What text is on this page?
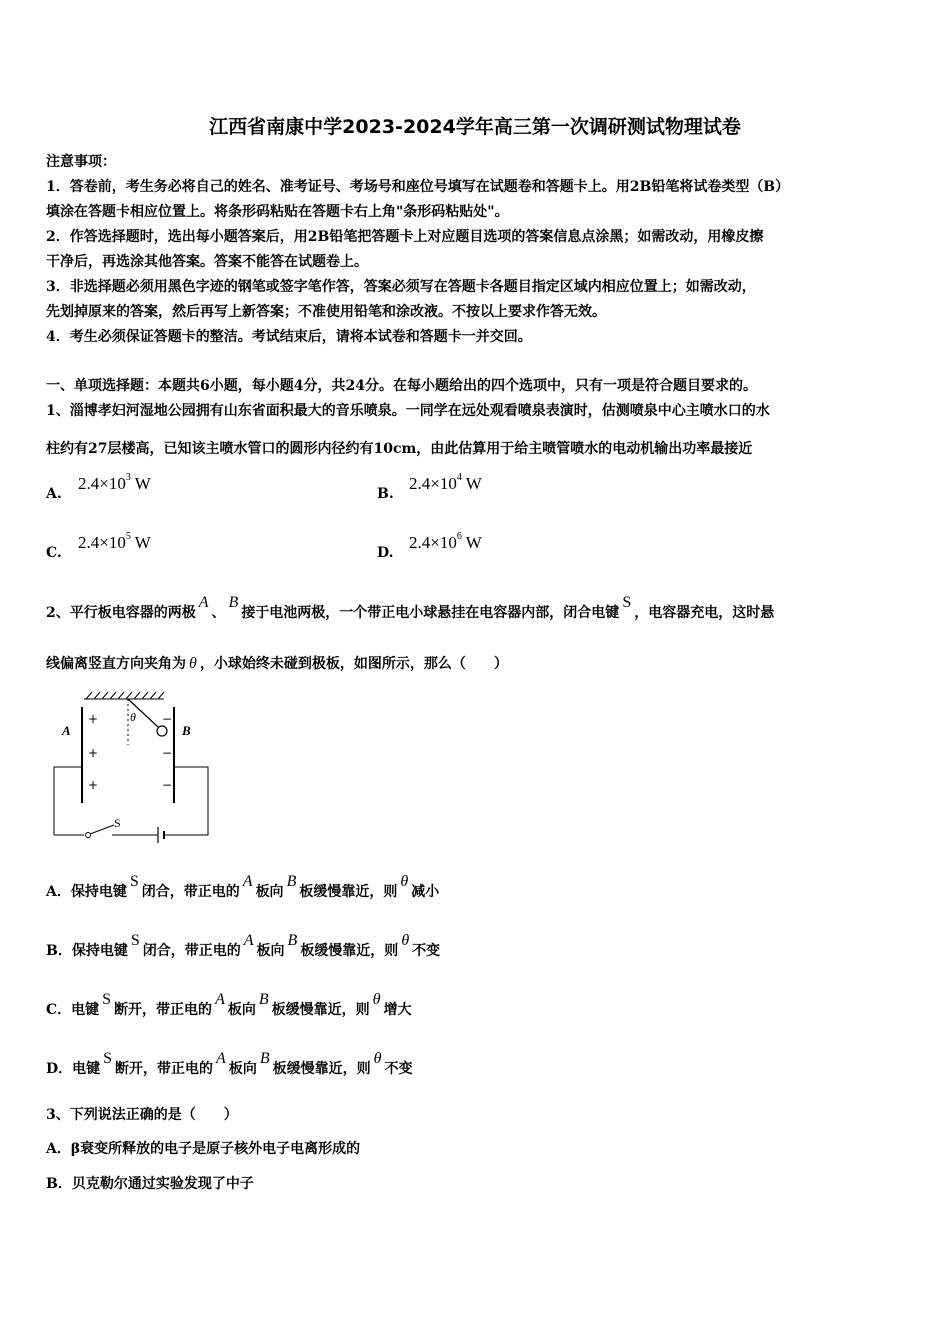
江西省南康中学2023-2024学年高三第一次调研测试物理试卷
注意事项：
1．答卷前，考生务必将自己的姓名、准考证号、考场号和座位号填写在试题卷和答题卡上。用2B铅笔将试卷类型（B）
填涂在答题卡相应位置上。将条形码粘贴在答题卡右上角"条形码粘贴处"。
2．作答选择题时，选出每小题答案后，用2B铅笔把答题卡上对应题目选项的答案信息点涂黑；如需改动，用橡皮擦
干净后，再选涂其他答案。答案不能答在试题卷上。
3．非选择题必须用黑色字迹的钢笔或签字笔作答，答案必须写在答题卡各题目指定区域内相应位置上；如需改动，
先划掉原来的答案，然后再写上新答案；不准使用铅笔和涂改液。不按以上要求作答无效。
4．考生必须保证答题卡的整洁。考试结束后，请将本试卷和答题卡一并交回。
一、单项选择题：本题共6小题，每小题4分，共24分。在每小题给出的四个选项中，只有一项是符合题目要求的。
1、淄博孝妇河湿地公园拥有山东省面积最大的音乐喷泉。一同学在远处观看喷泉表演时，估测喷泉中心主喷水口的水
柱约有27层楼高，已知该主喷水管口的圆形内径约有10cm，由此估算用于给主喷管喷水的电动机输出功率最接近
A.
$2.4\times 10^3$ W
B.
$2.4\times 10^4$ W
C.
$2.4\times 10^5$ W
D.
$2.4\times 10^6$ W
2、平行板电容器的两极A、B接于电池两极，一个带正电小球悬挂在电容器内部，闭合电键S，电容器充电，这时悬
线偏离竖直方向夹角为 θ ，小球始终未碰到极板，如图所示，那么（　　）
θ
A	B
+
+
+
−
−
−
S
A．保持电键S闭合，带正电的A板向B板缓慢靠近，则θ减小
B．保持电键S闭合，带正电的A板向B板缓慢靠近，则θ不变
C．电键S断开，带正电的A板向B板缓慢靠近，则θ增大
D．电键S断开，带正电的A板向B板缓慢靠近，则θ不变
3、下列说法正确的是（　　）
A．β衰变所释放的电子是原子核外电子电离形成的
B．贝克勒尔通过实验发现了中子
